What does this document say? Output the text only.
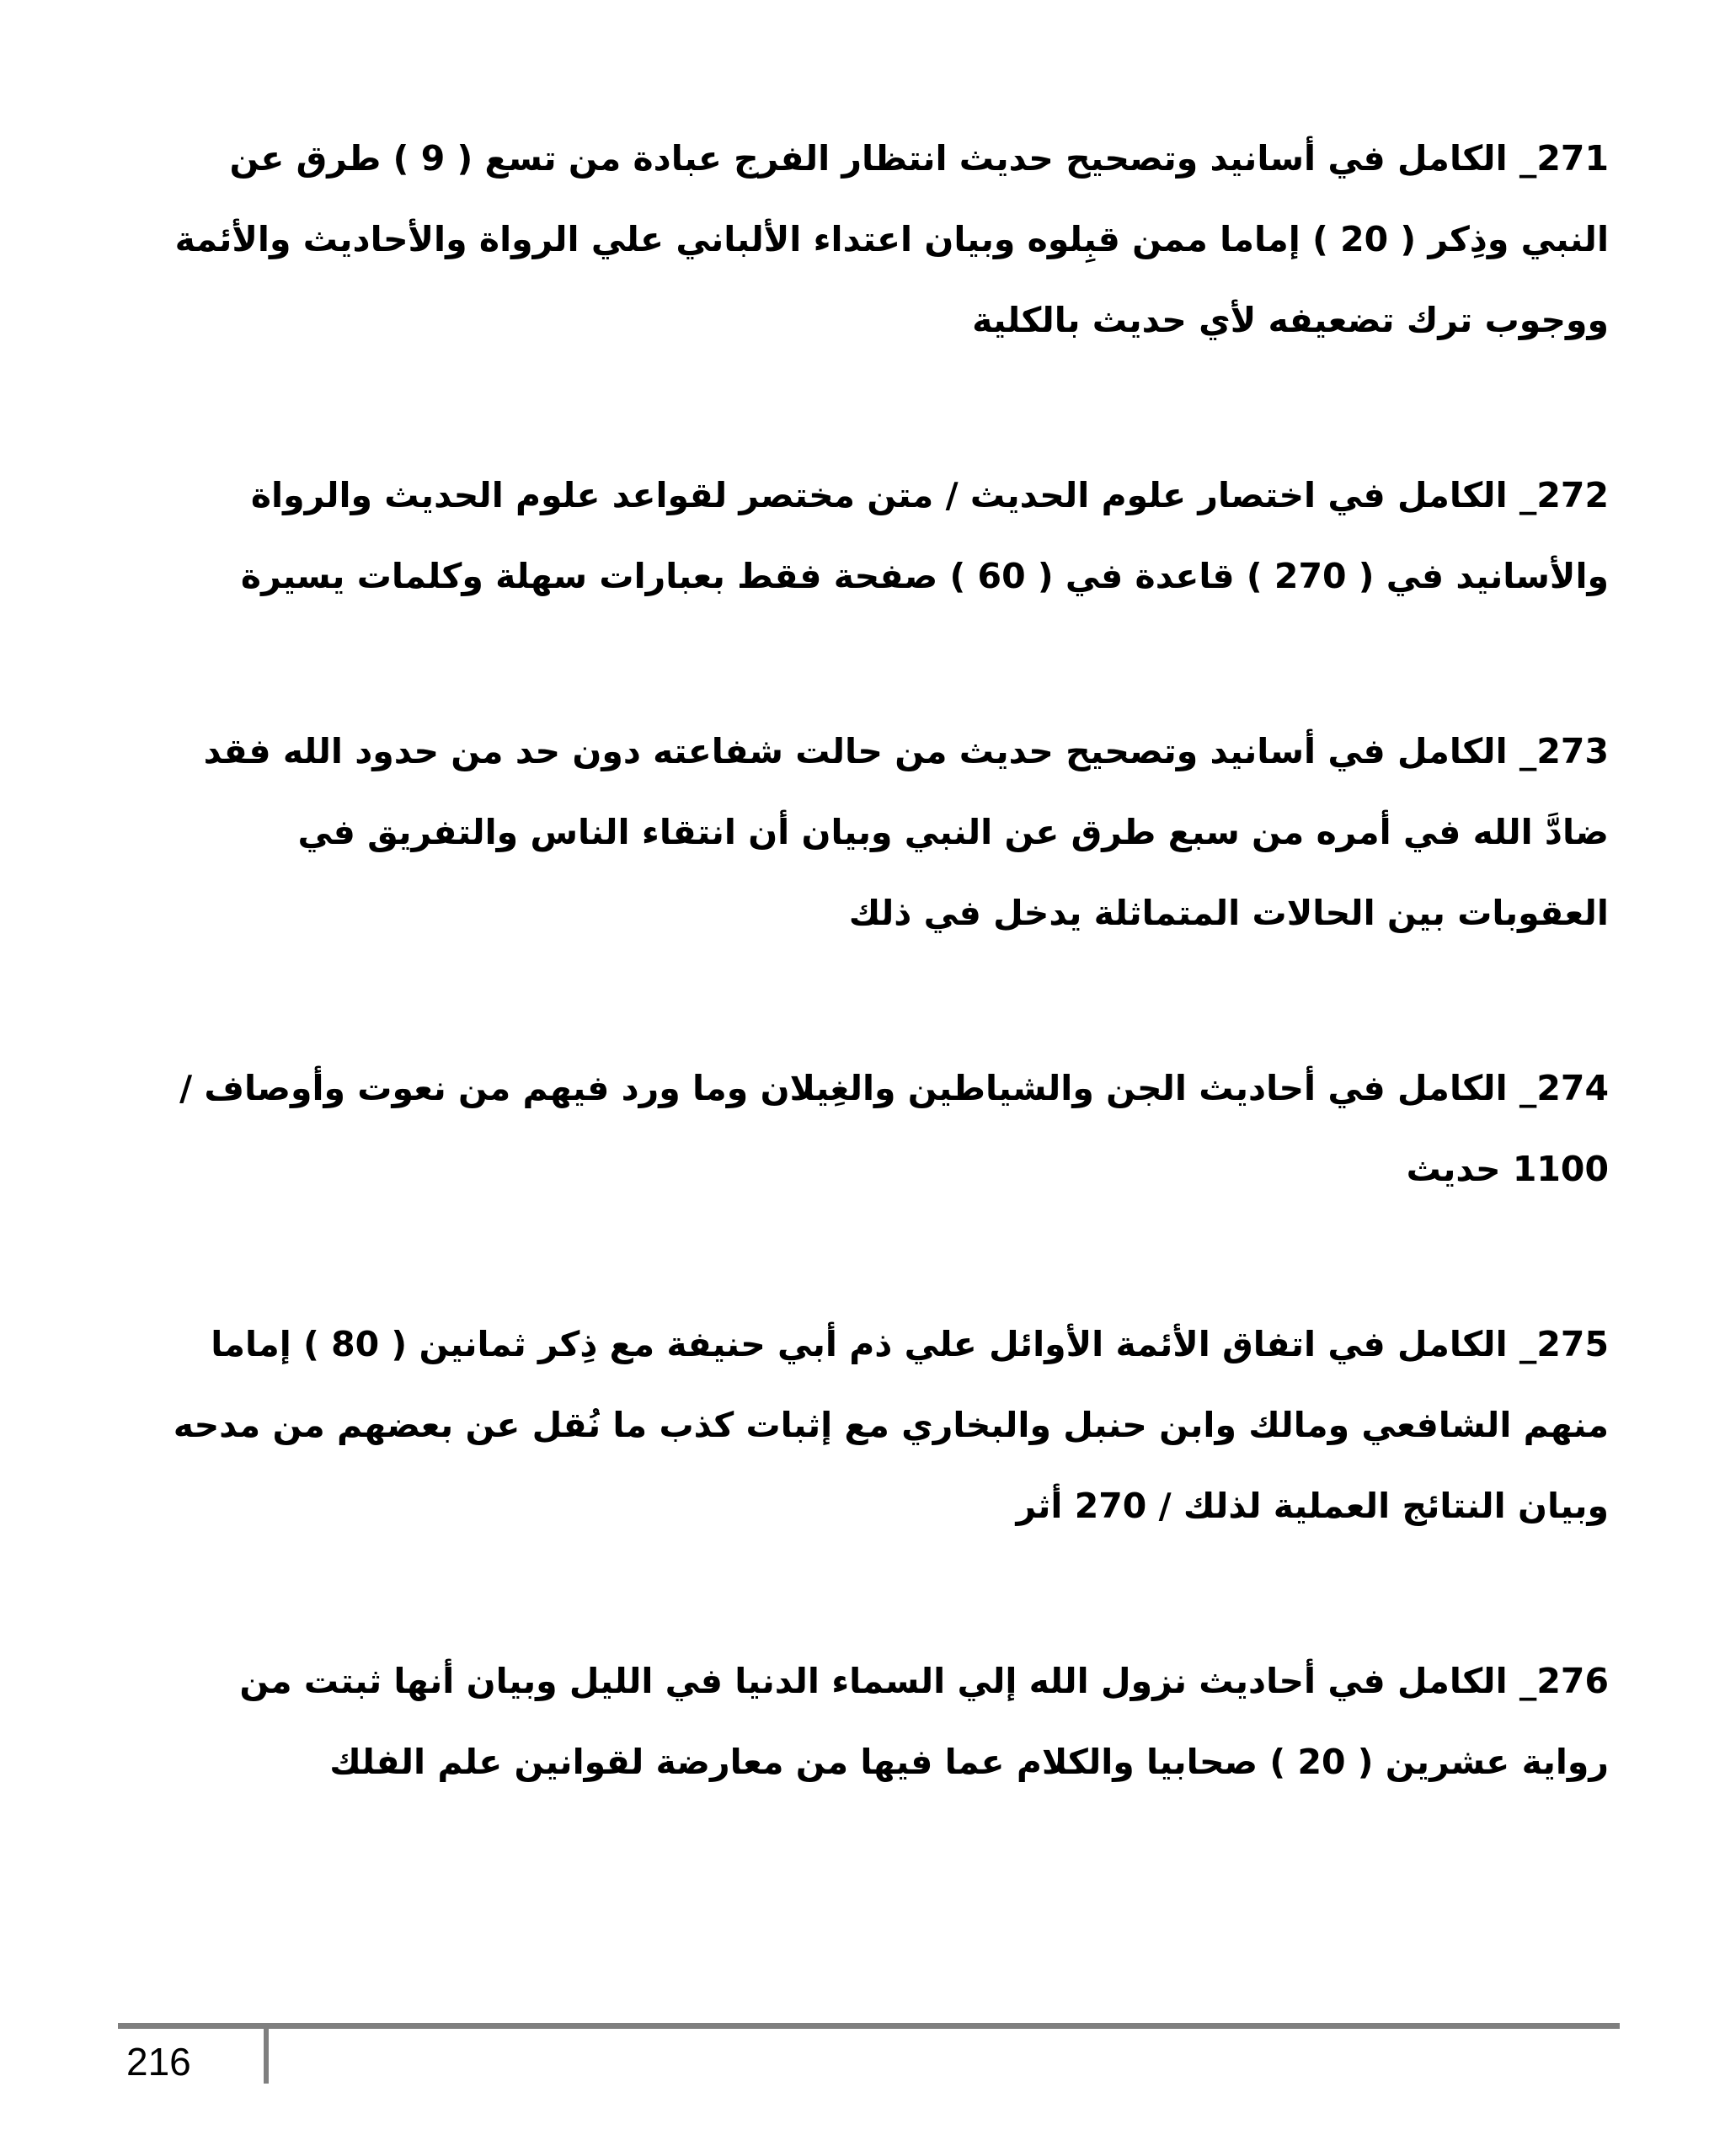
271_ الكامل في أسانيد وتصحيح حديث انتظار الفرج عبادة من تسع ( 9 ) طرق عن النبي وذِكر ( 20 ) إماما ممن قبِلوه وبيان اعتداء الألباني علي الرواة والأحاديث والأئمة ووجوب ترك تضعيفه لأي حديث بالكلية

272_ الكامل في اختصار علوم الحديث / متن مختصر لقواعد علوم الحديث والرواة والأسانيد في ( 270 ) قاعدة في ( 60 ) صفحة فقط بعبارات سهلة وكلمات يسيرة

273_ الكامل في أسانيد وتصحيح حديث من حالت شفاعته دون حد من حدود الله فقد ضادَّ الله في أمره من سبع طرق عن النبي وبيان أن انتقاء الناس والتفريق في العقوبات بين الحالات المتماثلة يدخل في ذلك

274_ الكامل في أحاديث الجن والشياطين والغِيلان وما ورد فيهم من نعوت وأوصاف / 1100 حديث

275_ الكامل في اتفاق الأئمة الأوائل علي ذم أبي حنيفة مع ذِكر ثمانين ( 80 ) إماما منهم الشافعي ومالك وابن حنبل والبخاري مع إثبات كذب ما نُقل عن بعضهم من مدحه وبيان النتائج العملية لذلك / 270 أثر

276_ الكامل في أحاديث نزول الله إلي السماء الدنيا في الليل وبيان أنها ثبتت من رواية عشرين ( 20 ) صحابيا والكلام عما فيها من معارضة لقوانين علم الفلك

216
